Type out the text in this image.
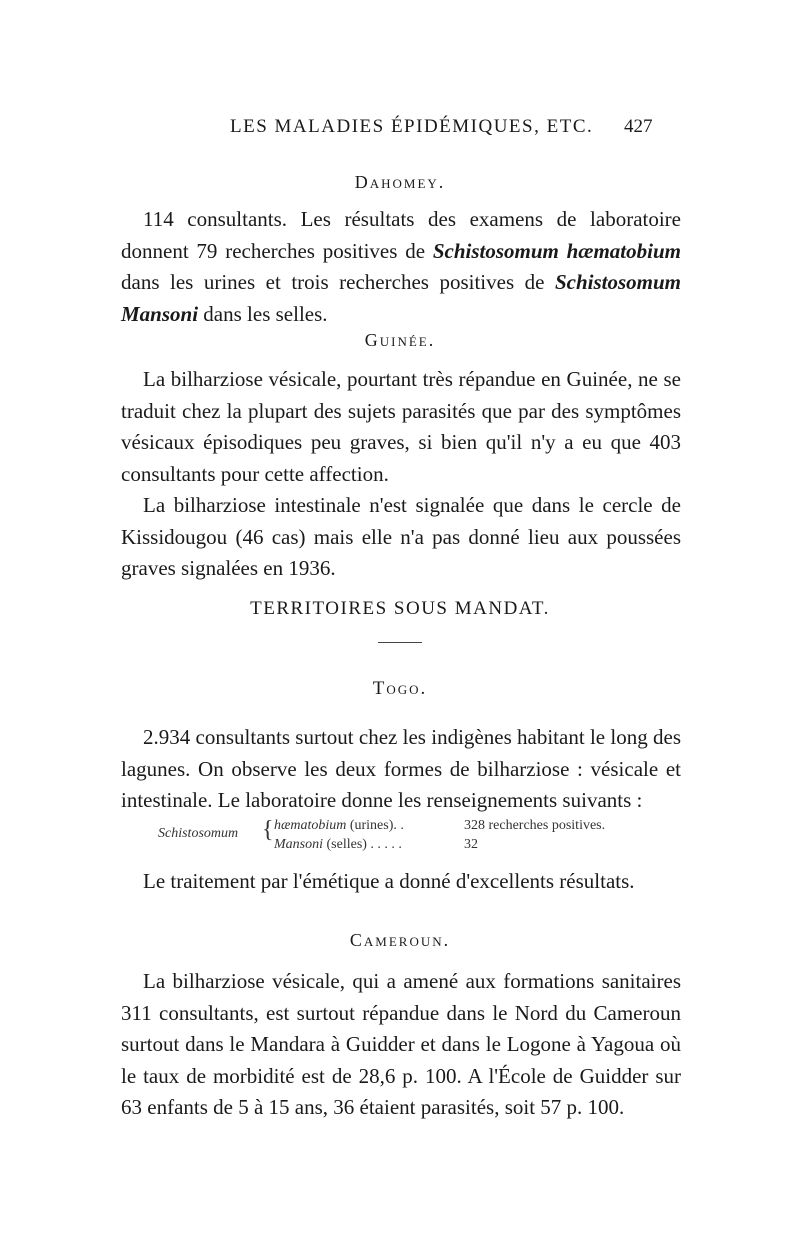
LES MALADIES ÉPIDÉMIQUES, ETC. 427
Dahomey.

114 consultants. Les résultats des examens de laboratoire donnent 79 recherches positives de Schistosomum hæmatobium dans les urines et trois recherches positives de Schistosomum Mansoni dans les selles.

Guinée.

La bilharziose vésicale, pourtant très répandue en Guinée, ne se traduit chez la plupart des sujets parasités que par des symptômes vésicaux épisodiques peu graves, si bien qu'il n'y a eu que 403 consultants pour cette affection.

La bilharziose intestinale n'est signalée que dans le cercle de Kissidougou (46 cas) mais elle n'a pas donné lieu aux poussées graves signalées en 1936.

TERRITOIRES SOUS MANDAT.
Togo.

2.934 consultants surtout chez les indigènes habitant le long des lagunes. On observe les deux formes de bilharziose : vésicale et intestinale. Le laboratoire donne les renseignements suivants :

Schistosomum { hæmatobium (urines). .	328 recherches positives.
Mansoni (selles) . . . . .	32

Le traitement par l'émétique a donné d'excellents résultats.

Cameroun.

La bilharziose vésicale, qui a amené aux formations sanitaires 311 consultants, est surtout répandue dans le Nord du Cameroun surtout dans le Mandara à Guidder et dans le Logone à Yagoua où le taux de morbidité est de 28,6 p. 100. A l'École de Guidder sur 63 enfants de 5 à 15 ans, 36 étaient parasités, soit 57 p. 100.
